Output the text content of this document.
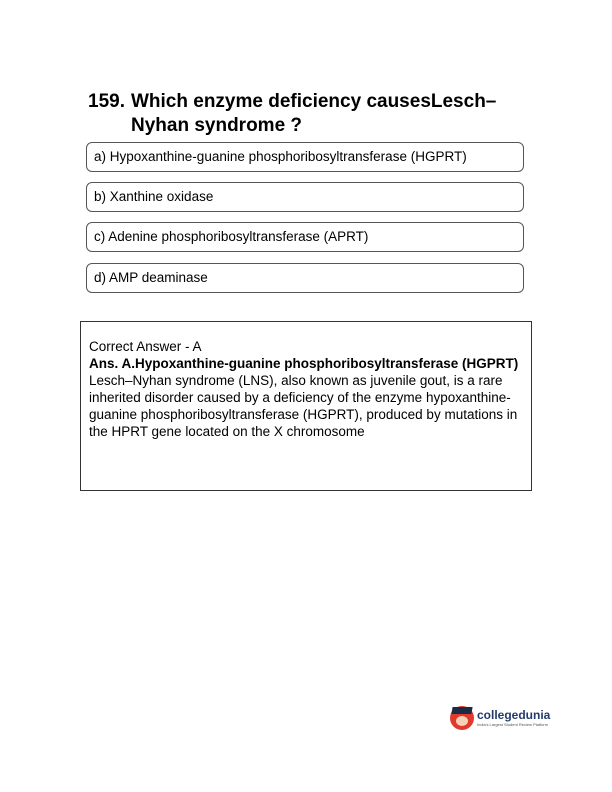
159. Which enzyme deficiency causesLesch–Nyhan syndrome ?
a) Hypoxanthine-guanine phosphoribosyltransferase (HGPRT)
b) Xanthine oxidase
c) Adenine phosphoribosyltransferase (APRT)
d) AMP deaminase
Correct Answer - A
Ans. A.Hypoxanthine-guanine phosphoribosyltransferase (HGPRT)
Lesch–Nyhan syndrome (LNS), also known as juvenile gout, is a rare inherited disorder caused by a deficiency of the enzyme hypoxanthine-guanine phosphoribosyltransferase (HGPRT), produced by mutations in the HPRT gene located on the X chromosome
collegedunia
India's Largest Student Review Platform
